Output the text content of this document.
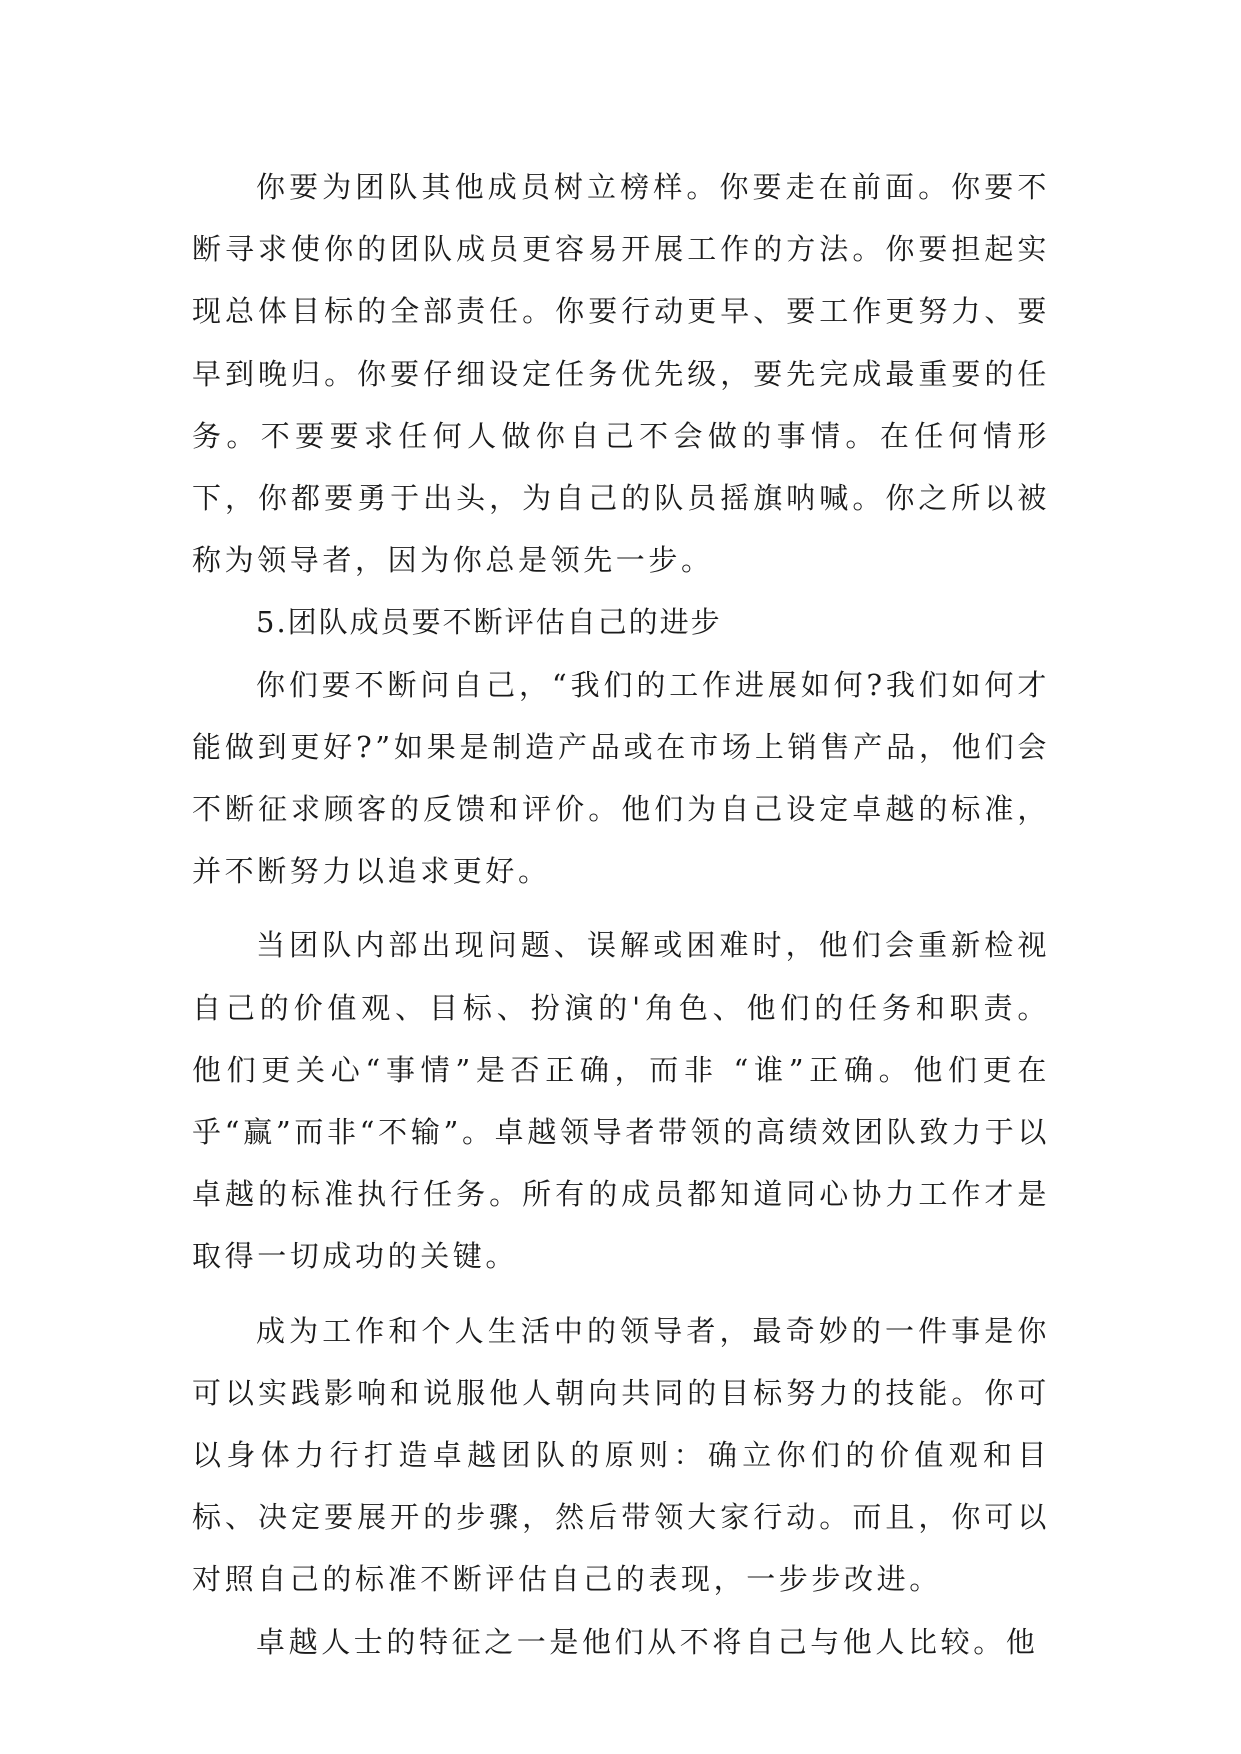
你要为团队其他成员树立榜样。你要走在前面。你要不断寻求使你的团队成员更容易开展工作的方法。你要担起实现总体目标的全部责任。你要行动更早、要工作更努力、要早到晚归。你要仔细设定任务优先级，要先完成最重要的任务。不要要求任何人做你自己不会做的事情。在任何情形下，你都要勇于出头，为自己的队员摇旗呐喊。你之所以被称为领导者，因为你总是领先一步。

5.团队成员要不断评估自己的进步

你们要不断问自己，“我们的工作进展如何?我们如何才能做到更好?”如果是制造产品或在市场上销售产品，他们会不断征求顾客的反馈和评价。他们为自己设定卓越的标准，并不断努力以追求更好。

当团队内部出现问题、误解或困难时，他们会重新检视自己的价值观、目标、扮演的'角色、他们的任务和职责。他们更关心“事情”是否正确，而非 “谁”正确。他们更在乎“赢”而非“不输”。卓越领导者带领的高绩效团队致力于以卓越的标准执行任务。所有的成员都知道同心协力工作才是取得一切成功的关键。

成为工作和个人生活中的领导者，最奇妙的一件事是你可以实践影响和说服他人朝向共同的目标努力的技能。你可以身体力行打造卓越团队的原则：确立你们的价值观和目标、决定要展开的步骤，然后带领大家行动。而且，你可以对照自己的标准不断评估自己的表现，一步步改进。

卓越人士的特征之一是他们从不将自己与他人比较。他
